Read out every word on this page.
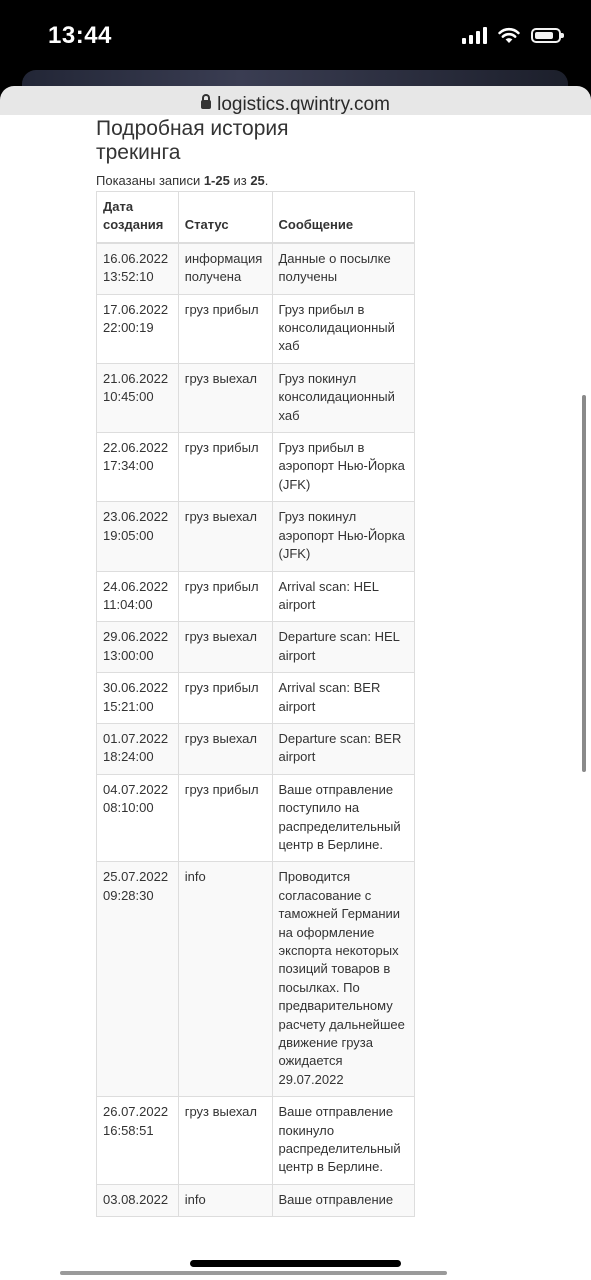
13:44
logistics.qwintry.com
Подробная история
трекинга
Показаны записи 1-25 из 25.
Дата создания	Статус	Сообщение

16.06.2022
13:52:10	информация получена	Данные о посылке получены

17.06.2022
22:00:19	груз прибыл	Груз прибыл в консолидационный хаб

21.06.2022
10:45:00	груз выехал	Груз покинул консолидационный хаб

22.06.2022
17:34:00	груз прибыл	Груз прибыл в аэропорт Нью-Йорка (JFK)

23.06.2022
19:05:00	груз выехал	Груз покинул аэропорт Нью-Йорка (JFK)

24.06.2022
11:04:00	груз прибыл	Arrival scan: HEL airport

29.06.2022
13:00:00	груз выехал	Departure scan: HEL airport

30.06.2022
15:21:00	груз прибыл	Arrival scan: BER airport

01.07.2022
18:24:00	груз выехал	Departure scan: BER airport

04.07.2022
08:10:00	груз прибыл	Ваше отправление поступило на распределительный центр в Берлине.

25.07.2022
09:28:30	info	Проводится согласование с таможней Германии на оформление экспорта некоторых позиций товаров в посылках. По предварительному расчету дальнейшее движение груза ожидается 29.07.2022

26.07.2022
16:58:51	груз выехал	Ваше отправление покинуло распределительный центр в Берлине.

03.08.2022	info	Ваше отправление
